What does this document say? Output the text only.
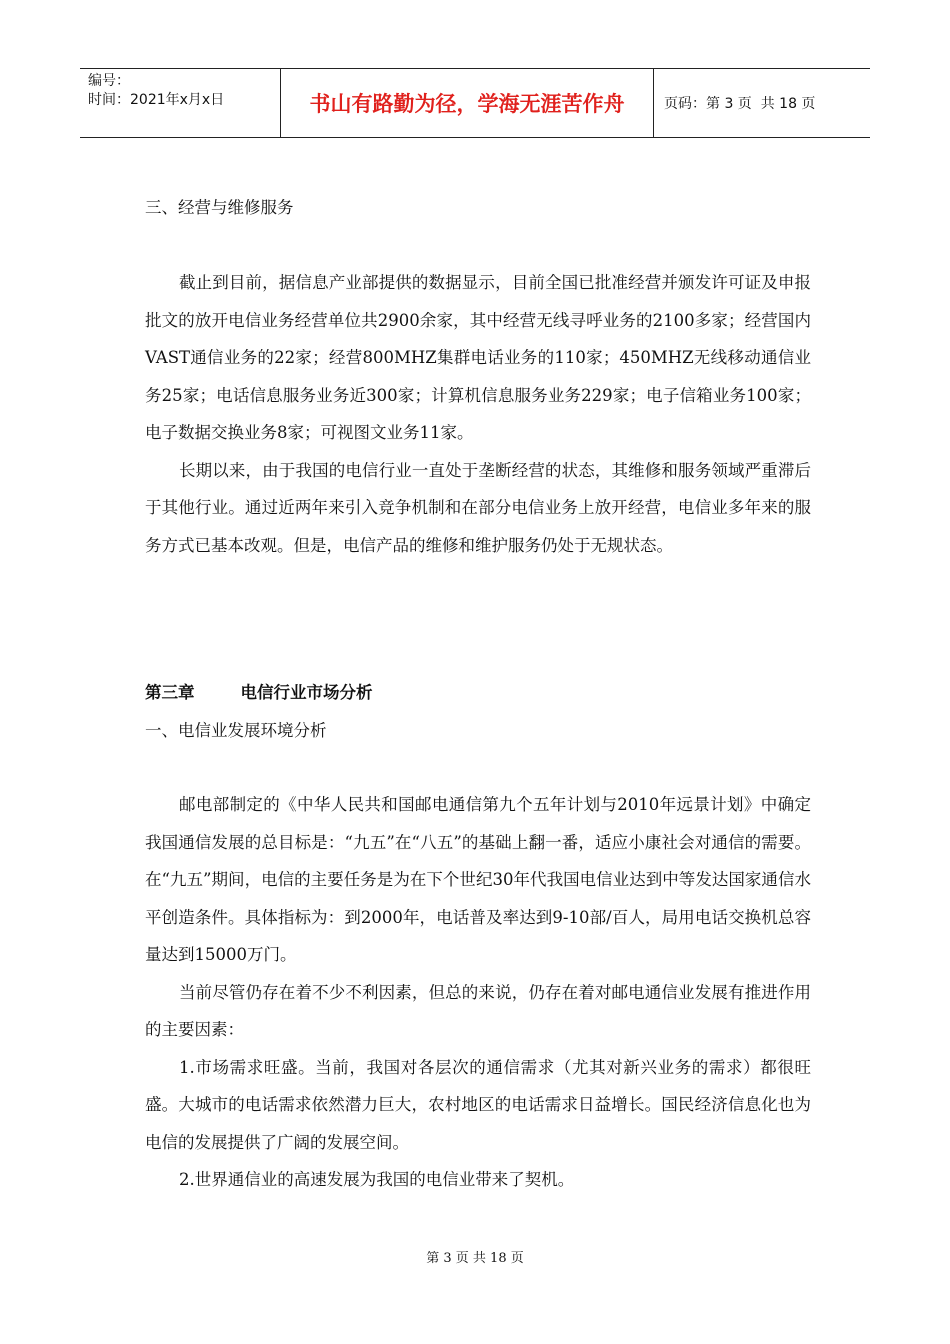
编号：
时间：2021年x月x日	书山有路勤为径，学海无涯苦作舟	页码：第 3 页  共 18 页

三、经营与维修服务

截止到目前，据信息产业部提供的数据显示，目前全国已批准经营并颁发许可证及申报批文的放开电信业务经营单位共2900余家，其中经营无线寻呼业务的2100多家；经营国内VAST通信业务的22家；经营800MHZ集群电话业务的110家；450MHZ无线移动通信业务25家；电话信息服务业务近300家；计算机信息服务业务229家；电子信箱业务100家；电子数据交换业务8家；可视图文业务11家。

长期以来，由于我国的电信行业一直处于垄断经营的状态，其维修和服务领域严重滞后于其他行业。通过近两年来引入竞争机制和在部分电信业务上放开经营，电信业多年来的服务方式已基本改观。但是，电信产品的维修和维护服务仍处于无规状态。

第三章        电信行业市场分析

一、电信业发展环境分析

邮电部制定的《中华人民共和国邮电通信第九个五年计划与2010年远景计划》中确定我国通信发展的总目标是：“九五”在“八五”的基础上翻一番，适应小康社会对通信的需要。在“九五”期间，电信的主要任务是为在下个世纪30年代我国电信业达到中等发达国家通信水平创造条件。具体指标为：到2000年，电话普及率达到9-10部/百人，局用电话交换机总容量达到15000万门。

当前尽管仍存在着不少不利因素，但总的来说，仍存在着对邮电通信业发展有推进作用的主要因素：

1.市场需求旺盛。当前，我国对各层次的通信需求（尤其对新兴业务的需求）都很旺盛。大城市的电话需求依然潜力巨大，农村地区的电话需求日益增长。国民经济信息化也为电信的发展提供了广阔的发展空间。

2.世界通信业的高速发展为我国的电信业带来了契机。

第 3 页 共 18 页
